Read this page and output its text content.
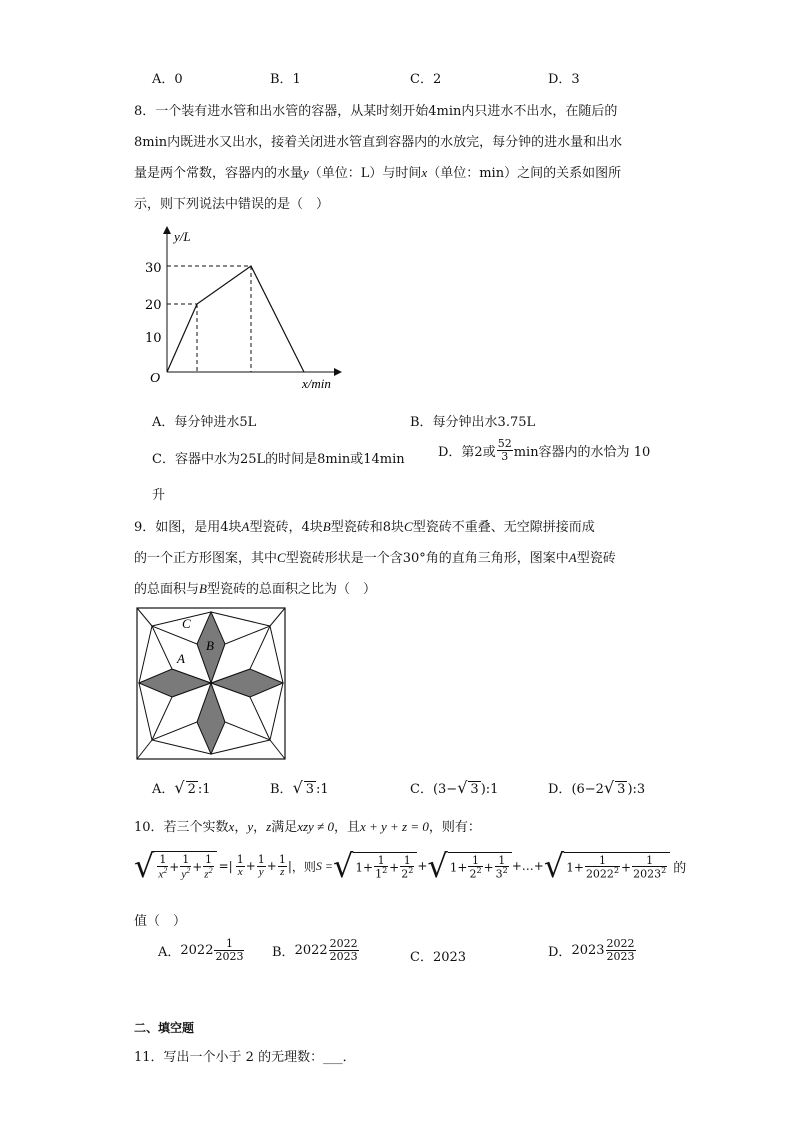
A．0	B．1	C．2	D．3
8．一个装有进水管和出水管的容器，从某时刻开始4min内只进水不出水，在随后的
8min内既进水又出水，接着关闭进水管直到容器内的水放完，每分钟的进水量和出水
量是两个常数，容器内的水量y（单位：L）与时间x（单位：min）之间的关系如图所
示，则下列说法中错误的是（　）
y/L
x/min
O
10
20
30
A．每分钟进水5L	B．每分钟出水3.75L
C．容器中水为25L的时间是8min或14min	D．第2或 $\frac{52}{3}$ min容器内的水恰为 10
升
9．如图，是用4块A型瓷砖，4块B型瓷砖和8块C型瓷砖不重叠、无空隙拼接而成
的一个正方形图案，其中C型瓷砖形状是一个含30°角的直角三角形，图案中A型瓷砖
的总面积与B型瓷砖的总面积之比为（　）
C
B
A
A．√ 2 :1	B．√ 3 :1	C．(3−√ 3 ):1	D．(6−2√ 3 ):3
10．若三个实数x，y，z满足xzy ≠ 0，且x + y + z = 0，则有：
√ $\frac{1}{x^2} + \frac{1}{y^2} + \frac{1}{z^2}$ =| $\frac{1}{x} + \frac{1}{y} + \frac{1}{z}$ | ，则 S = √ $1+ \frac{1}{1^2} + \frac{1}{2^2}$ + √ $1+ \frac{1}{2^2} + \frac{1}{3^2}$ +…+ √ $1+ \frac{1}{2022^2} + \frac{1}{2023^2}$ 的
值（　）
A． $2022 \frac{1}{2023}$ B． $2022 \frac{2022}{2023}$	C．2023	D． $2023 \frac{2022}{2023}$
二、填空题
11．写出一个小于 2 的无理数：___．
